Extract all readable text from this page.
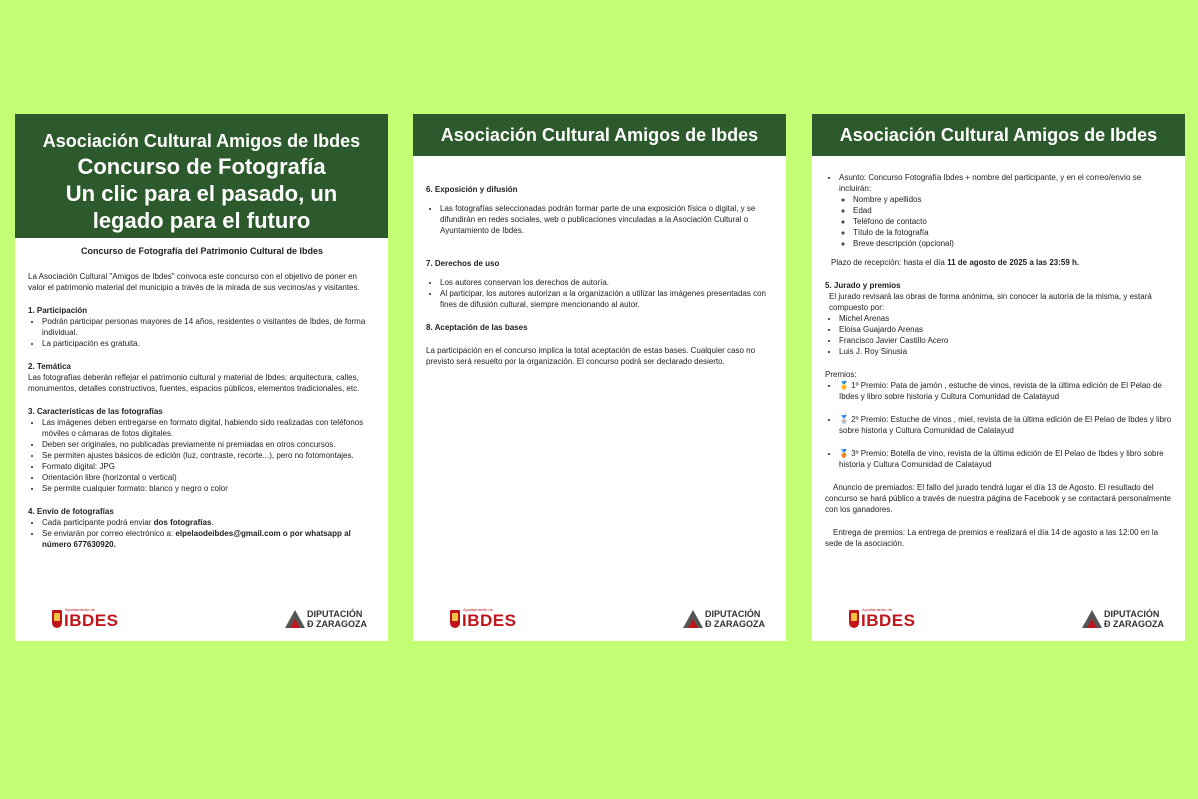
Asociación Cultural Amigos de Ibdes
Concurso de Fotografía
Un clic para el pasado, un
legado para el futuro
Concurso de Fotografía del Patrimonio Cultural de Ibdes

La Asociación Cultural "Amigos de Ibdes" convoca este concurso con el objetivo de poner en valor el patrimonio material del municipio a través de la mirada de sus vecinos/as y visitantes.

1. Participación

• Podrán participar personas mayores de 14 años, residentes o visitantes de Ibdes, de forma individual.
• La participación es gratuita.

2. Temática

Las fotografías deberán reflejar el patrimonio cultural y material de Ibdes: arquitectura, calles, monumentos, detalles constructivos, fuentes, espacios públicos, elementos tradicionales, etc.

3. Características de las fotografías

• Las imágenes deben entregarse en formato digital, habiendo sido realizadas con teléfonos móviles o cámaras de fotos digitales.
• Deben ser originales, no publicadas previamente ni premiadas en otros concursos.
• Se permiten ajustes básicos de edición (luz, contraste, recorte...), pero no fotomontajes.
• Formato digital: JPG
• Orientación libre (horizontal o vertical)
• Se permite cualquier formato: blanco y negro o color

4. Envío de fotografías

• Cada participante podrá enviar dos fotografías.
• Se enviarán por correo electrónico a: elpelaodeibdes@gmail.com o por whatsapp al número 677630920.
Ayuntamiento de
IBDES	DIPUTACIÓN
Ð ZARAGOZA
Asociación Cultural Amigos de Ibdes

6. Exposición y difusión

• Las fotografías seleccionadas podrán formar parte de una exposición física o digital, y se difundirán en redes sociales, web o publicaciones vinculadas a la Asociación Cultural o Ayuntamiento de Ibdes.

7. Derechos de uso

• Los autores conservan los derechos de autoría.
• Al participar, los autores autorizan a la organización a utilizar las imágenes presentadas con fines de difusión cultural, siempre mencionando al autor.

8. Aceptación de las bases

La participación en el concurso implica la total aceptación de estas bases. Cualquier caso no previsto será resuelto por la organización. El concurso podrá ser declarado desierto.

Ayuntamiento de
IBDES	DIPUTACIÓN
Ð ZARAGOZA
Asociación Cultural Amigos de Ibdes
• Asunto: Concurso Fotografía Ibdes + nombre del participante, y en el correo/envío se incluirán:
◦ Nombre y apellidos
◦ Edad
◦ Teléfono de contacto
◦ Título de la fotografía
◦ Breve descripción (opcional)

Plazo de recepción: hasta el día 11 de agosto de 2025 a las 23:59 h.

5. Jurado y premios

El jurado revisará las obras de forma anónima, sin conocer la autoría de la misma, y estará compuesto por:

• Michel Arenas
• Eloisa Guajardo Arenas
• Francisco Javier Castillo Acero
• Luis J. Roy Sinusia

Premios:

• 🥇 1º Premio: Pata de jamón , estuche de vinos, revista de la última edición de El Pelao de Ibdes y libro sobre historia y Cultura Comunidad de Calatayud
• 🥈 2º Premio: Estuche de vinos , miel, revista de la última edición de El Pelao de Ibdes y libro sobre historia y Cultura Comunidad de Calatayud
• 🥉 3º Premio: Botella de vino, revista de la última edición de El Pelao de Ibdes y libro sobre historia y Cultura Comunidad de Calatayud

Anuncio de premiados: El fallo del jurado tendrá lugar el día 13 de Agosto. El resultado del concurso se hará público a través de nuestra página de Facebook y se contactará personalmente con los ganadores.

Entrega de premios: La entrega de premios e realizará el día 14 de agosto a las 12:00 en la sede de la asociación.

Ayuntamiento de
IBDES	DIPUTACIÓN
Ð ZARAGOZA
